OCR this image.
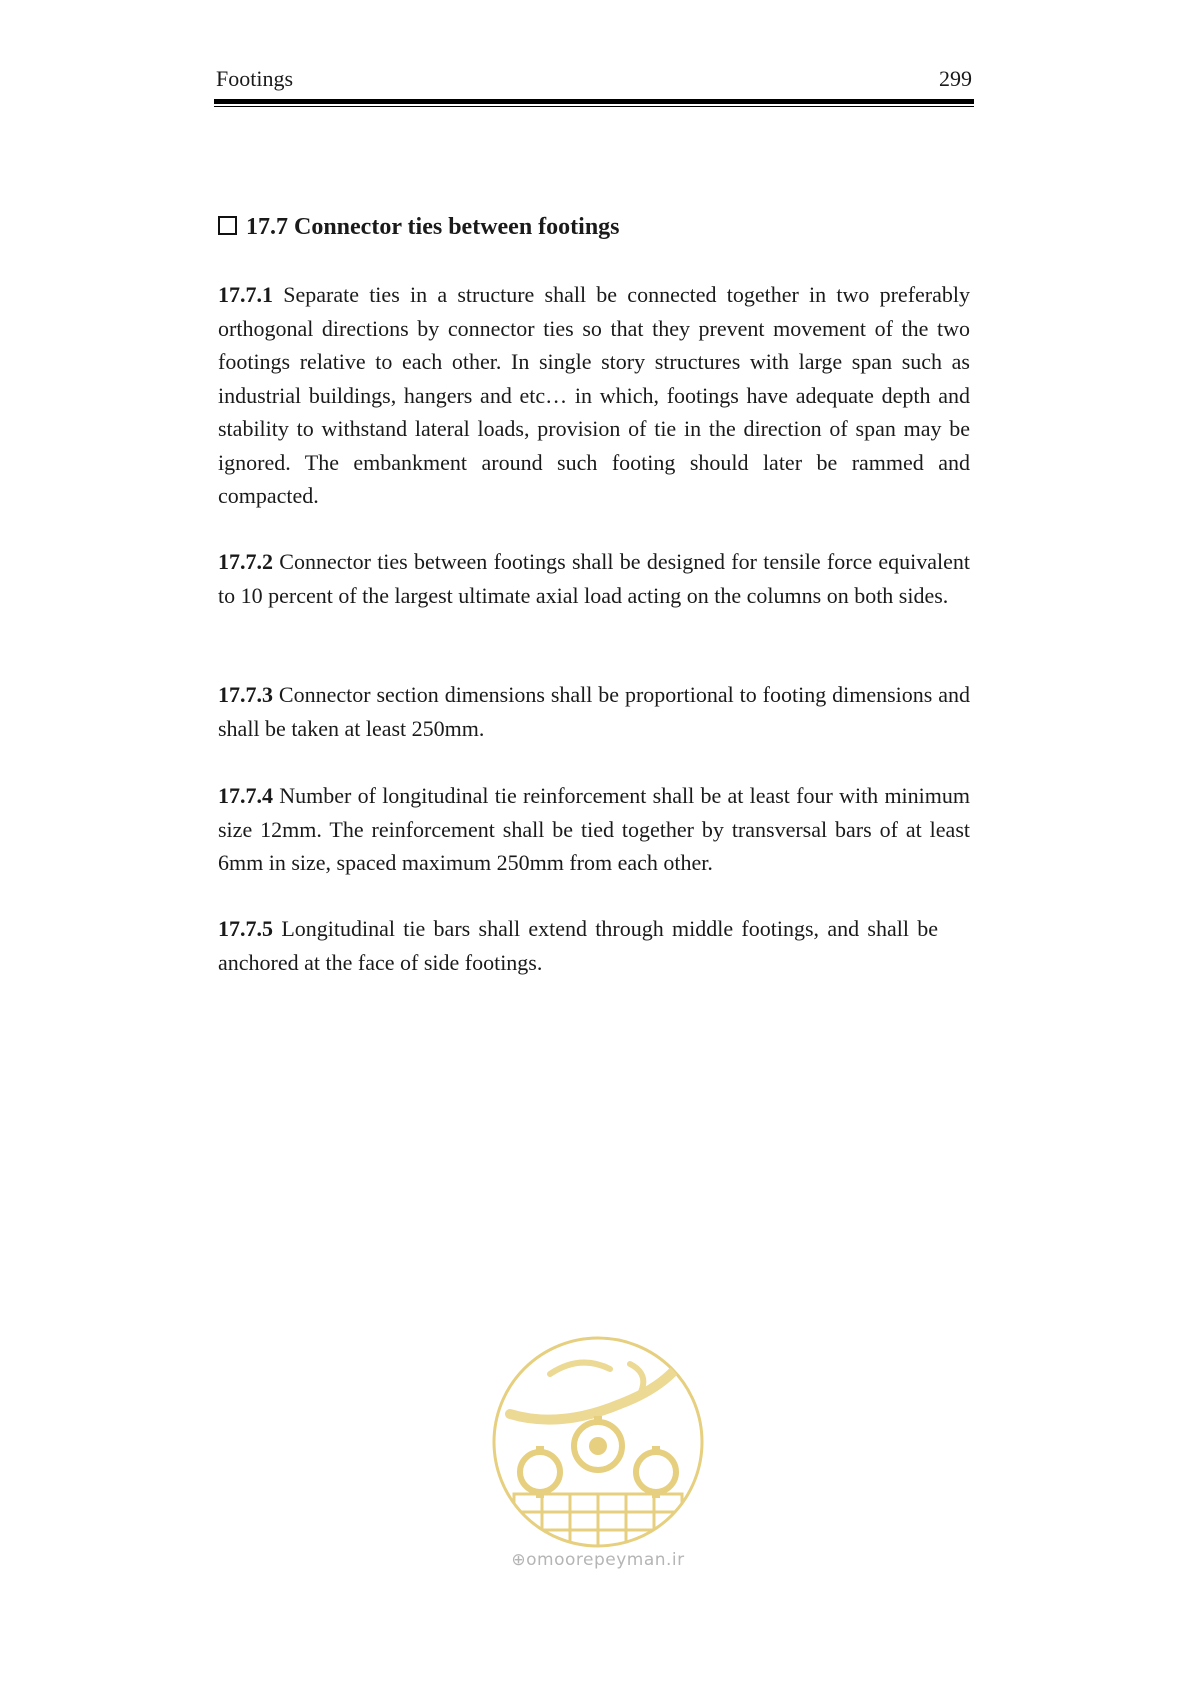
Footings	299
17.7 Connector ties between footings

17.7.1 Separate ties in a structure shall be connected together in two preferably orthogonal directions by connector ties so that they prevent movement of the two footings relative to each other. In single story structures with large span such as industrial buildings, hangers and etc… in which, footings have adequate depth and stability to withstand lateral loads, provision of tie in the direction of span may be ignored. The embankment around such footing should later be rammed and compacted.

17.7.2 Connector ties between footings shall be designed for tensile force equivalent to 10 percent of the largest ultimate axial load acting on the columns on both sides.

17.7.3 Connector section dimensions shall be proportional to footing dimensions and shall be taken at least 250mm.

17.7.4 Number of longitudinal tie reinforcement shall be at least four with minimum size 12mm. The reinforcement shall be tied together by transversal bars of at least 6mm in size, spaced maximum 250mm from each other.

17.7.5 Longitudinal tie bars shall extend through middle footings, and shall be anchored at the face of side footings.

⊕omoorepeyman.ir
